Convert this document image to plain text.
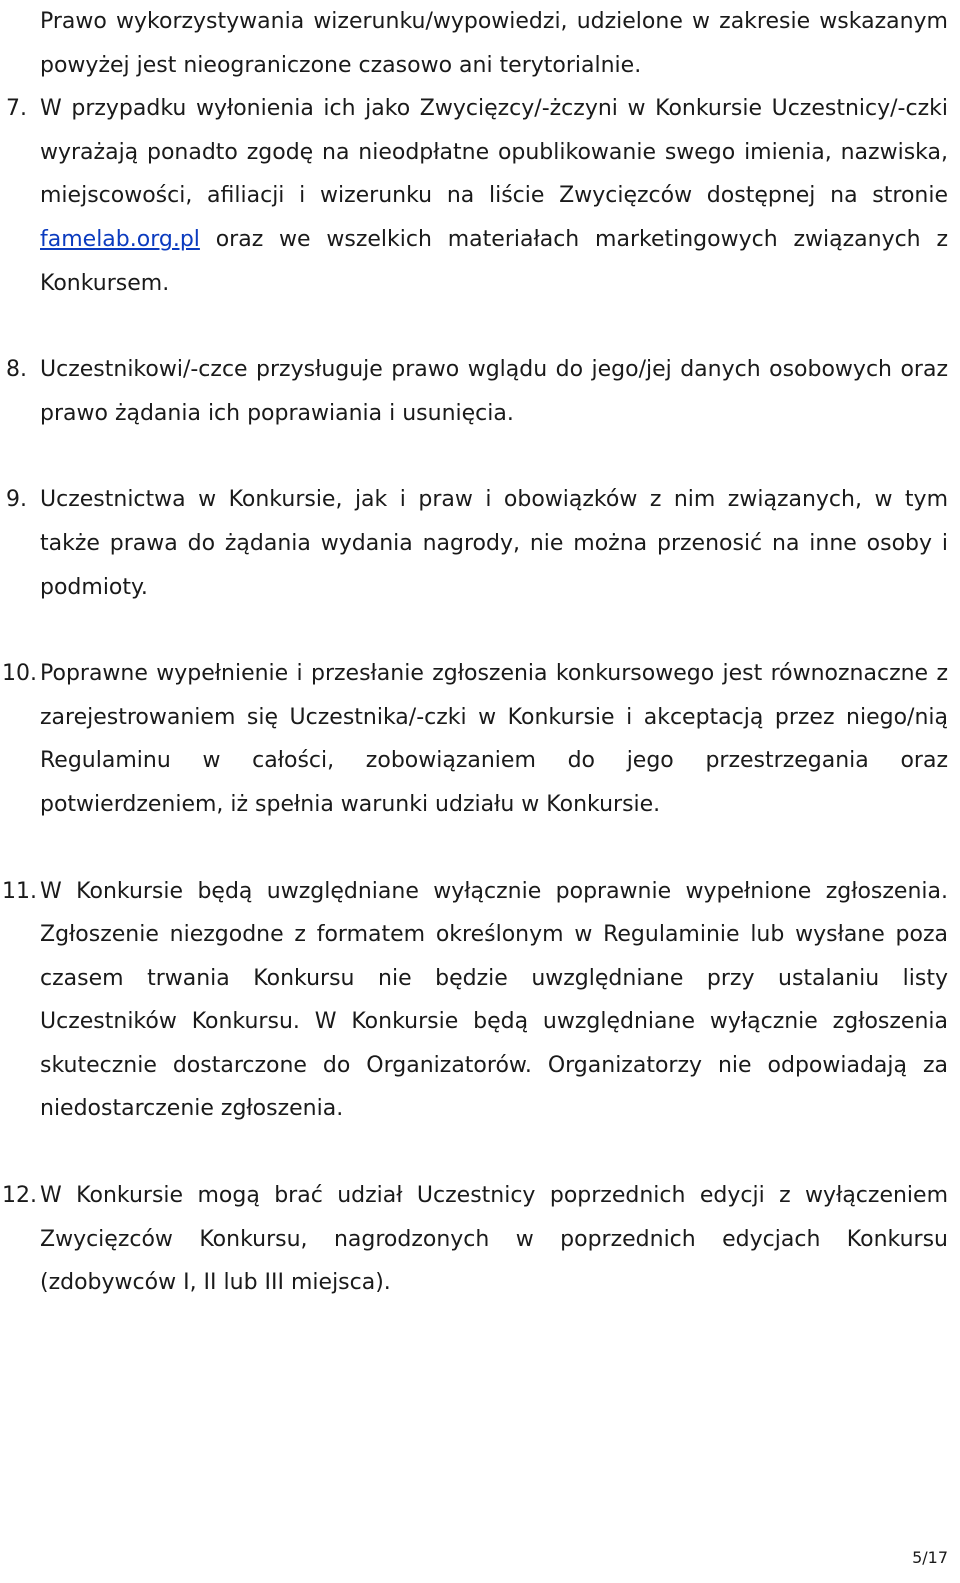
Prawo wykorzystywania wizerunku/wypowiedzi, udzielone w zakresie wskazanym powyżej jest nieograniczone czasowo ani terytorialnie.

7. W przypadku wyłonienia ich jako Zwycięzcy/-żczyni w Konkursie Uczestnicy/-czki wyrażają ponadto zgodę na nieodpłatne opublikowanie swego imienia, nazwiska, miejscowości, afiliacji i wizerunku na liście Zwycięzców dostępnej na stronie famelab.org.pl oraz we wszelkich materiałach marketingowych związanych z Konkursem.

8. Uczestnikowi/-czce przysługuje prawo wglądu do jego/jej danych osobowych oraz prawo żądania ich poprawiania i usunięcia.

9. Uczestnictwa w Konkursie, jak i praw i obowiązków z nim związanych, w tym także prawa do żądania wydania nagrody, nie można przenosić na inne osoby i podmioty.

10. Poprawne wypełnienie i przesłanie zgłoszenia konkursowego jest równoznaczne z zarejestrowaniem się Uczestnika/-czki w Konkursie i akceptacją przez niego/nią Regulaminu w całości, zobowiązaniem do jego przestrzegania oraz potwierdzeniem, iż spełnia warunki udziału w Konkursie.

11. W Konkursie będą uwzględniane wyłącznie poprawnie wypełnione zgłoszenia. Zgłoszenie niezgodne z formatem określonym w Regulaminie lub wysłane poza czasem trwania Konkursu nie będzie uwzględniane przy ustalaniu listy Uczestników Konkursu. W Konkursie będą uwzględniane wyłącznie zgłoszenia skutecznie dostarczone do Organizatorów. Organizatorzy nie odpowiadają za niedostarczenie zgłoszenia.

12. W Konkursie mogą brać udział Uczestnicy poprzednich edycji z wyłączeniem Zwycięzców Konkursu, nagrodzonych w poprzednich edycjach Konkursu (zdobywców I, II lub III miejsca).

5/17
